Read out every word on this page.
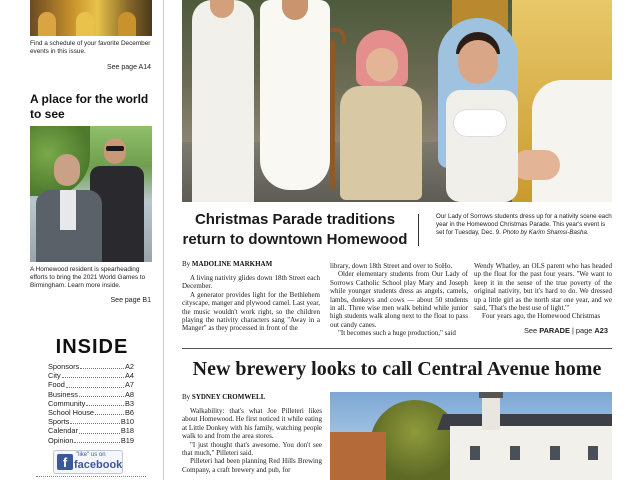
Find a schedule of your favorite December events in this issue.

See page A14
A place for the world to see

A Homewood resident is spearheading efforts to bring the 2021 World Games to Birmingham. Learn more inside.

See page B1
INSIDE
Sponsors	A2
City	A4
Food	A7
Business	A8
Community	B3
School House	B6
Sports	B10
Calendar	B18
Opinion	B19
f	"like" us on
facebook
Christmas Parade traditions return to downtown Homewood

Our Lady of Sorrows students dress up for a nativity scene each year in the Homewood Christmas Parade. This year's event is set for Tuesday, Dec. 9. Photo by Karim Shamsi-Basha.

By MADOLINE MARKHAM

A living nativity glides down 18th Street each December.

A generator provides light for the Bethlehem cityscape, manger and plywood camel. Last year, the music wouldn't work right, so the children playing the nativity characters sang "Away in a Manger" as they processed in front of the

library, down 18th Street and over to SoHo.

Older elementary students from Our Lady of Sorrows Catholic School play Mary and Joseph while younger students dress as angels, camels, lambs, donkeys and cows — about 50 students in all. Three wise men walk behind while junior high students walk along next to the float to pass out candy canes.

"It becomes such a huge production," said

Wendy Whatley, an OLS parent who has headed up the float for the past four years. "We want to keep it in the sense of the true poverty of the original nativity, but it's hard to do. We dressed up a little girl as the north star one year, and we said, 'That's the best use of light.'"

Four years ago, the Homewood Christmas

See PARADE | page A23
New brewery looks to call Central Avenue home
By SYDNEY CROMWELL

Walkability: that's what Joe Pilleteri likes about Homewood. He first noticed it while eating at Little Donkey with his family, watching people walk to and from the area stores.

"I just thought that's awesome. You don't see that much," Pilleteri said.

Pilleteri had been planning Red Hills Brewing Company, a craft brewery and pub, for
